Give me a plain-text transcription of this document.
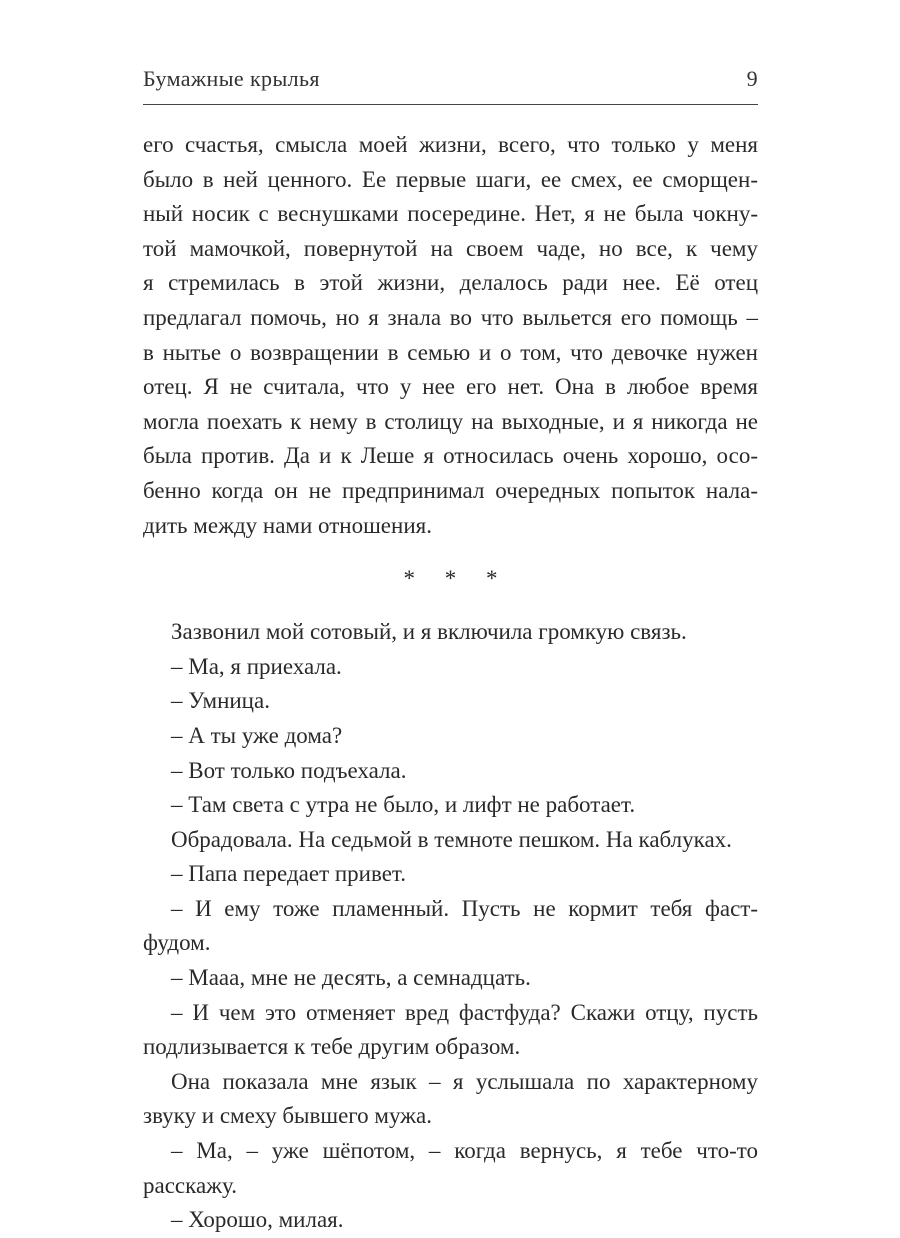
Бумажные крылья	9
его счастья, смысла моей жизни, всего, что только у меня
было в ней ценного. Ее первые шаги, ее смех, ее сморщен-
ный носик с веснушками посередине. Нет, я не была чокну-
той мамочкой, повернутой на своем чаде, но все, к чему
я стремилась в этой жизни, делалось ради нее. Её отец
предлагал помочь, но я знала во что выльется его помощь –
в нытье о возвращении в семью и о том, что девочке нужен
отец. Я не считала, что у нее его нет. Она в любое время
могла поехать к нему в столицу на выходные, и я никогда не
была против. Да и к Леше я относилась очень хорошо, осо-
бенно когда он не предпринимал очередных попыток нала-
дить между нами отношения.
* * *
Зазвонил мой сотовый, и я включила громкую связь.
– Ма, я приехала.
– Умница.
– А ты уже дома?
– Вот только подъехала.
– Там света с утра не было, и лифт не работает.
Обрадовала. На седьмой в темноте пешком. На каблуках.
– Папа передает привет.
– И ему тоже пламенный. Пусть не кормит тебя фаст-
фудом.
– Мааа, мне не десять, а семнадцать.
– И чем это отменяет вред фастфуда? Скажи отцу, пусть
подлизывается к тебе другим образом.
Она показала мне язык – я услышала по характерному
звуку и смеху бывшего мужа.
– Ма, – уже шёпотом, – когда вернусь, я тебе что-то
расскажу.
– Хорошо, милая.
